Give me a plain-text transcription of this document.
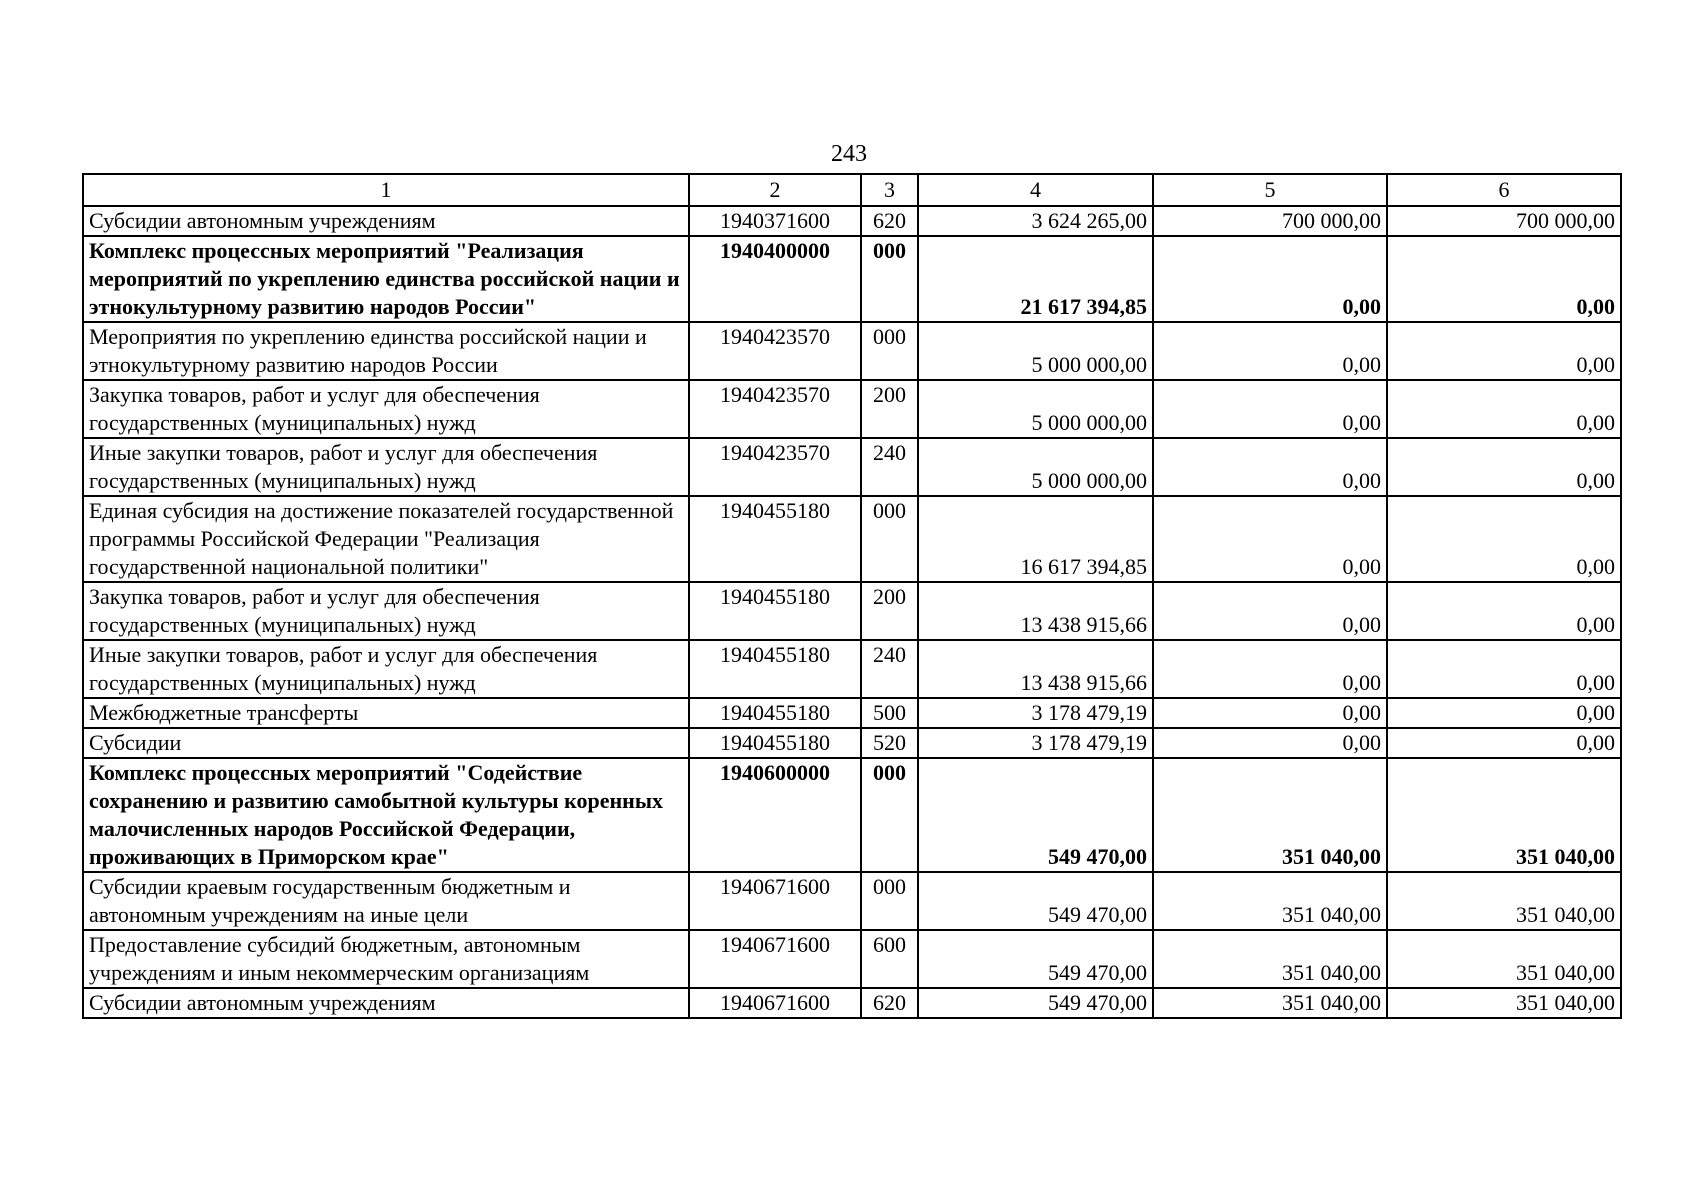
243
1	2	3	4	5	6
Субсидии автономным учреждениям	1940371600	620	3 624 265,00	700 000,00	700 000,00
Комплекс процессных мероприятий "Реализация мероприятий по укреплению единства российской нации и этнокультурному развитию народов России"	1940400000	000	21 617 394,85	0,00	0,00
Мероприятия по укреплению единства российской нации и этнокультурному развитию народов России	1940423570	000	5 000 000,00	0,00	0,00
Закупка товаров, работ и услуг для обеспечения государственных (муниципальных) нужд	1940423570	200	5 000 000,00	0,00	0,00
Иные закупки товаров, работ и услуг для обеспечения государственных (муниципальных) нужд	1940423570	240	5 000 000,00	0,00	0,00
Единая субсидия на достижение показателей государственной программы Российской Федерации "Реализация государственной национальной политики"	1940455180	000	16 617 394,85	0,00	0,00
Закупка товаров, работ и услуг для обеспечения государственных (муниципальных) нужд	1940455180	200	13 438 915,66	0,00	0,00
Иные закупки товаров, работ и услуг для обеспечения государственных (муниципальных) нужд	1940455180	240	13 438 915,66	0,00	0,00
Межбюджетные трансферты	1940455180	500	3 178 479,19	0,00	0,00
Субсидии	1940455180	520	3 178 479,19	0,00	0,00
Комплекс процессных мероприятий "Содействие сохранению и развитию самобытной культуры коренных малочисленных народов Российской Федерации, проживающих в Приморском крае"	1940600000	000	549 470,00	351 040,00	351 040,00
Субсидии краевым государственным бюджетным и автономным учреждениям на иные цели	1940671600	000	549 470,00	351 040,00	351 040,00
Предоставление субсидий бюджетным, автономным учреждениям и иным некоммерческим организациям	1940671600	600	549 470,00	351 040,00	351 040,00
Субсидии автономным учреждениям	1940671600	620	549 470,00	351 040,00	351 040,00
